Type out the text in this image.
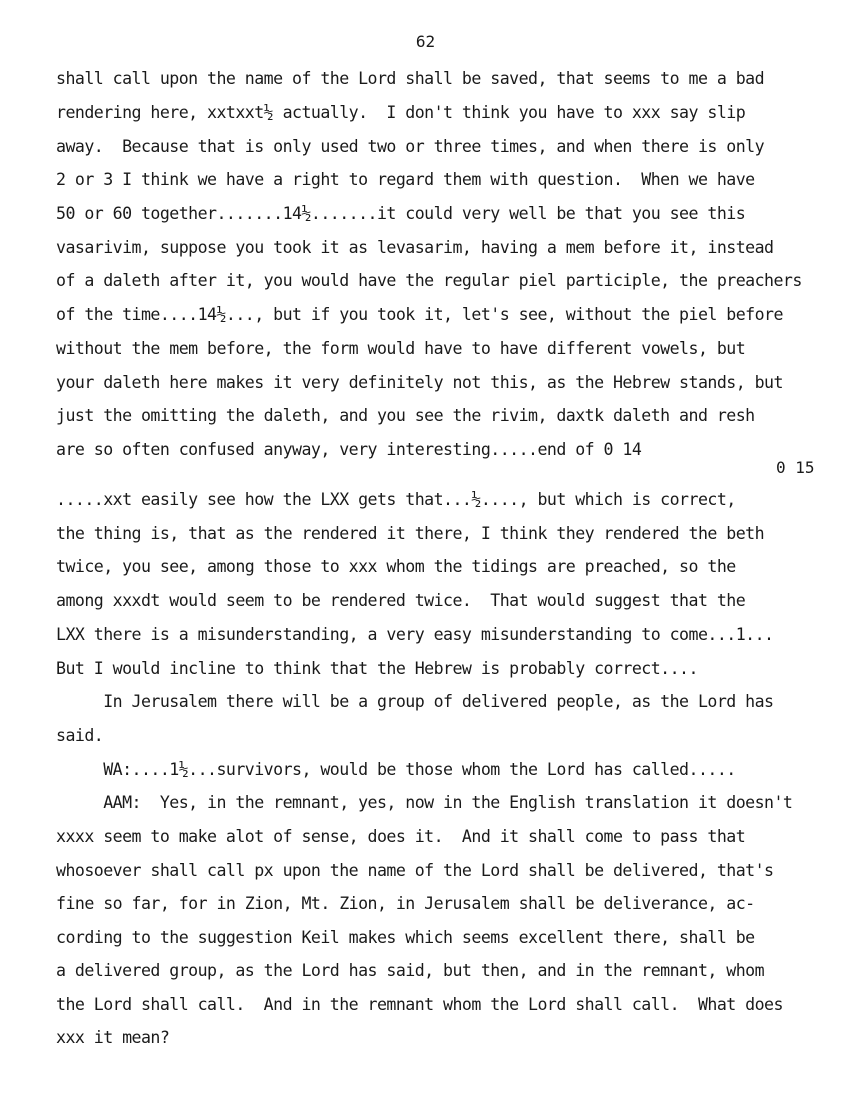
62
shall call upon the name of the Lord shall be saved, that seems to me a bad
rendering here, xxtxxt½ actually.  I don't think you have to xxx say slip
away.  Because that is only used two or three times, and when there is only
2 or 3 I think we have a right to regard them with question.  When we have
50 or 60 together.......14½.......it could very well be that you see this
vasarivim, suppose you took it as levasarim, having a mem before it, instead
of a daleth after it, you would have the regular piel participle, the preachers
of the time....14½..., but if you took it, let's see, without the piel before
without the mem before, the form would have to have different vowels, but
your daleth here makes it very definitely not this, as the Hebrew stands, but
just the omitting the daleth, and you see the rivim, daxtk daleth and resh
are so often confused anyway, very interesting.....end of 0 14
0 15
.....xxt easily see how the LXX gets that...½...., but which is correct,
the thing is, that as the rendered it there, I think they rendered the beth
twice, you see, among those to xxx whom the tidings are preached, so the
among xxxdt would seem to be rendered twice.  That would suggest that the
LXX there is a misunderstanding, a very easy misunderstanding to come...1...
But I would incline to think that the Hebrew is probably correct....
In Jerusalem there will be a group of delivered people, as the Lord has
said.
WA:....1½...survivors, would be those whom the Lord has called.....
AAM:  Yes, in the remnant, yes, now in the English translation it doesn't
xxxx seem to make alot of sense, does it.  And it shall come to pass that
whosoever shall call px upon the name of the Lord shall be delivered, that's
fine so far, for in Zion, Mt. Zion, in Jerusalem shall be deliverance, ac-
cording to the suggestion Keil makes which seems excellent there, shall be
a delivered group, as the Lord has said, but then, and in the remnant, whom
the Lord shall call.  And in the remnant whom the Lord shall call.  What does
xxx it mean?
